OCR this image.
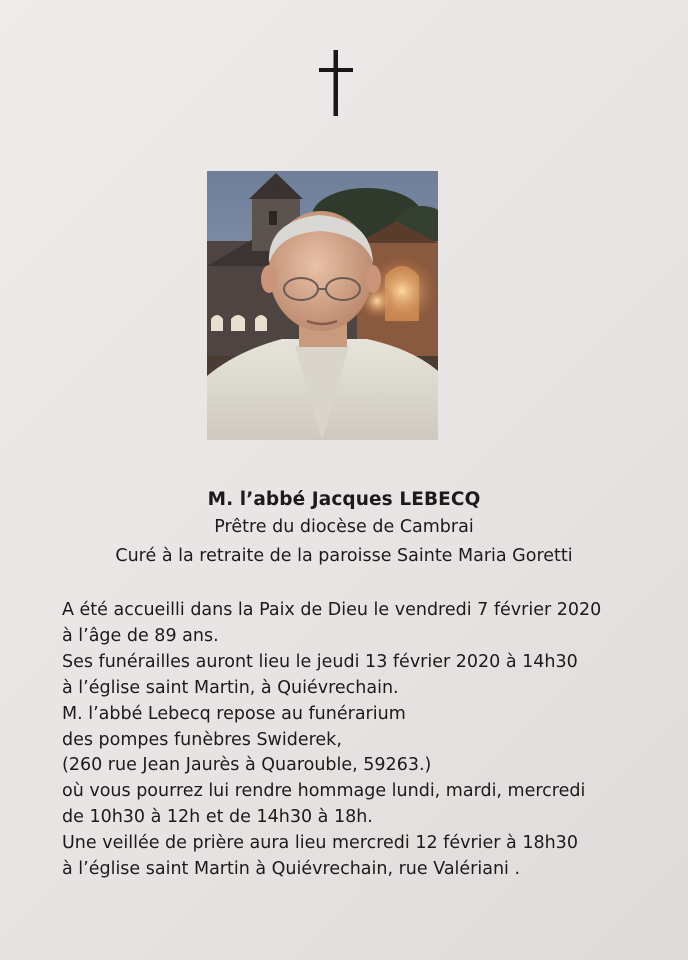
M. l’abbé Jacques LEBECQ
Prêtre du diocèse de Cambrai
Curé à la retraite de la paroisse Sainte Maria Goretti
A été accueilli dans la Paix de Dieu le vendredi 7 février 2020
à l’âge de 89 ans.
Ses funérailles auront lieu le jeudi 13 février 2020 à 14h30
à l’église saint Martin, à Quiévrechain.
M. l’abbé Lebecq repose au funérarium
des pompes funèbres Swiderek,
(260 rue Jean Jaurès à Quarouble, 59263.)
où vous pourrez lui rendre hommage lundi, mardi, mercredi
de 10h30 à 12h et de 14h30 à 18h.
Une veillée de prière aura lieu mercredi 12 février à 18h30
à l’église saint Martin à Quiévrechain, rue Valériani .
